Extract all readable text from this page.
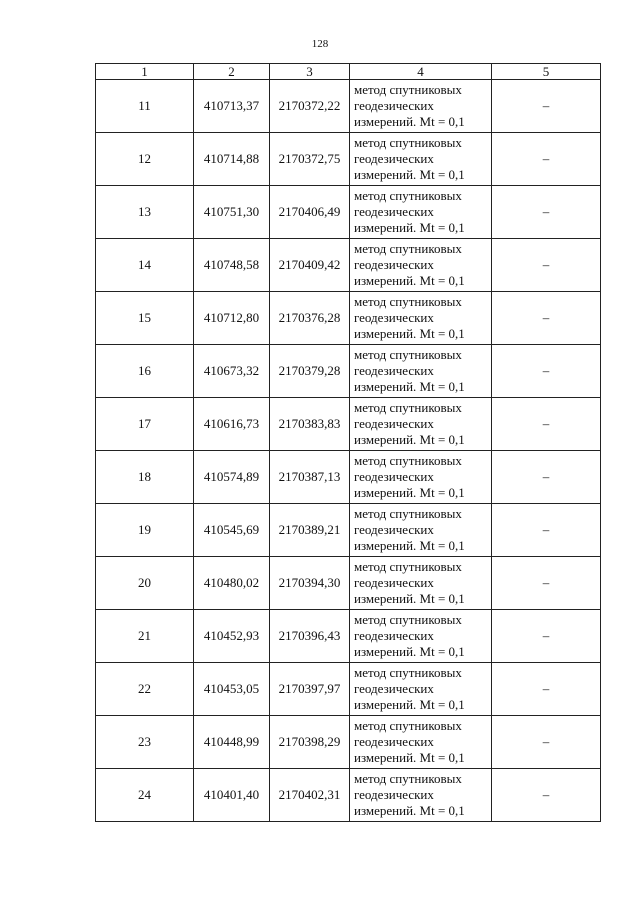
128
1	2	3	4	5
11	410713,37	2170372,22	метод спутниковых
геодезических
измерений. Mt = 0,1	–
12	410714,88	2170372,75	метод спутниковых
геодезических
измерений. Mt = 0,1	–
13	410751,30	2170406,49	метод спутниковых
геодезических
измерений. Mt = 0,1	–
14	410748,58	2170409,42	метод спутниковых
геодезических
измерений. Mt = 0,1	–
15	410712,80	2170376,28	метод спутниковых
геодезических
измерений. Mt = 0,1	–
16	410673,32	2170379,28	метод спутниковых
геодезических
измерений. Mt = 0,1	–
17	410616,73	2170383,83	метод спутниковых
геодезических
измерений. Mt = 0,1	–
18	410574,89	2170387,13	метод спутниковых
геодезических
измерений. Mt = 0,1	–
19	410545,69	2170389,21	метод спутниковых
геодезических
измерений. Mt = 0,1	–
20	410480,02	2170394,30	метод спутниковых
геодезических
измерений. Mt = 0,1	–
21	410452,93	2170396,43	метод спутниковых
геодезических
измерений. Mt = 0,1	–
22	410453,05	2170397,97	метод спутниковых
геодезических
измерений. Mt = 0,1	–
23	410448,99	2170398,29	метод спутниковых
геодезических
измерений. Mt = 0,1	–
24	410401,40	2170402,31	метод спутниковых
геодезических
измерений. Mt = 0,1	–
